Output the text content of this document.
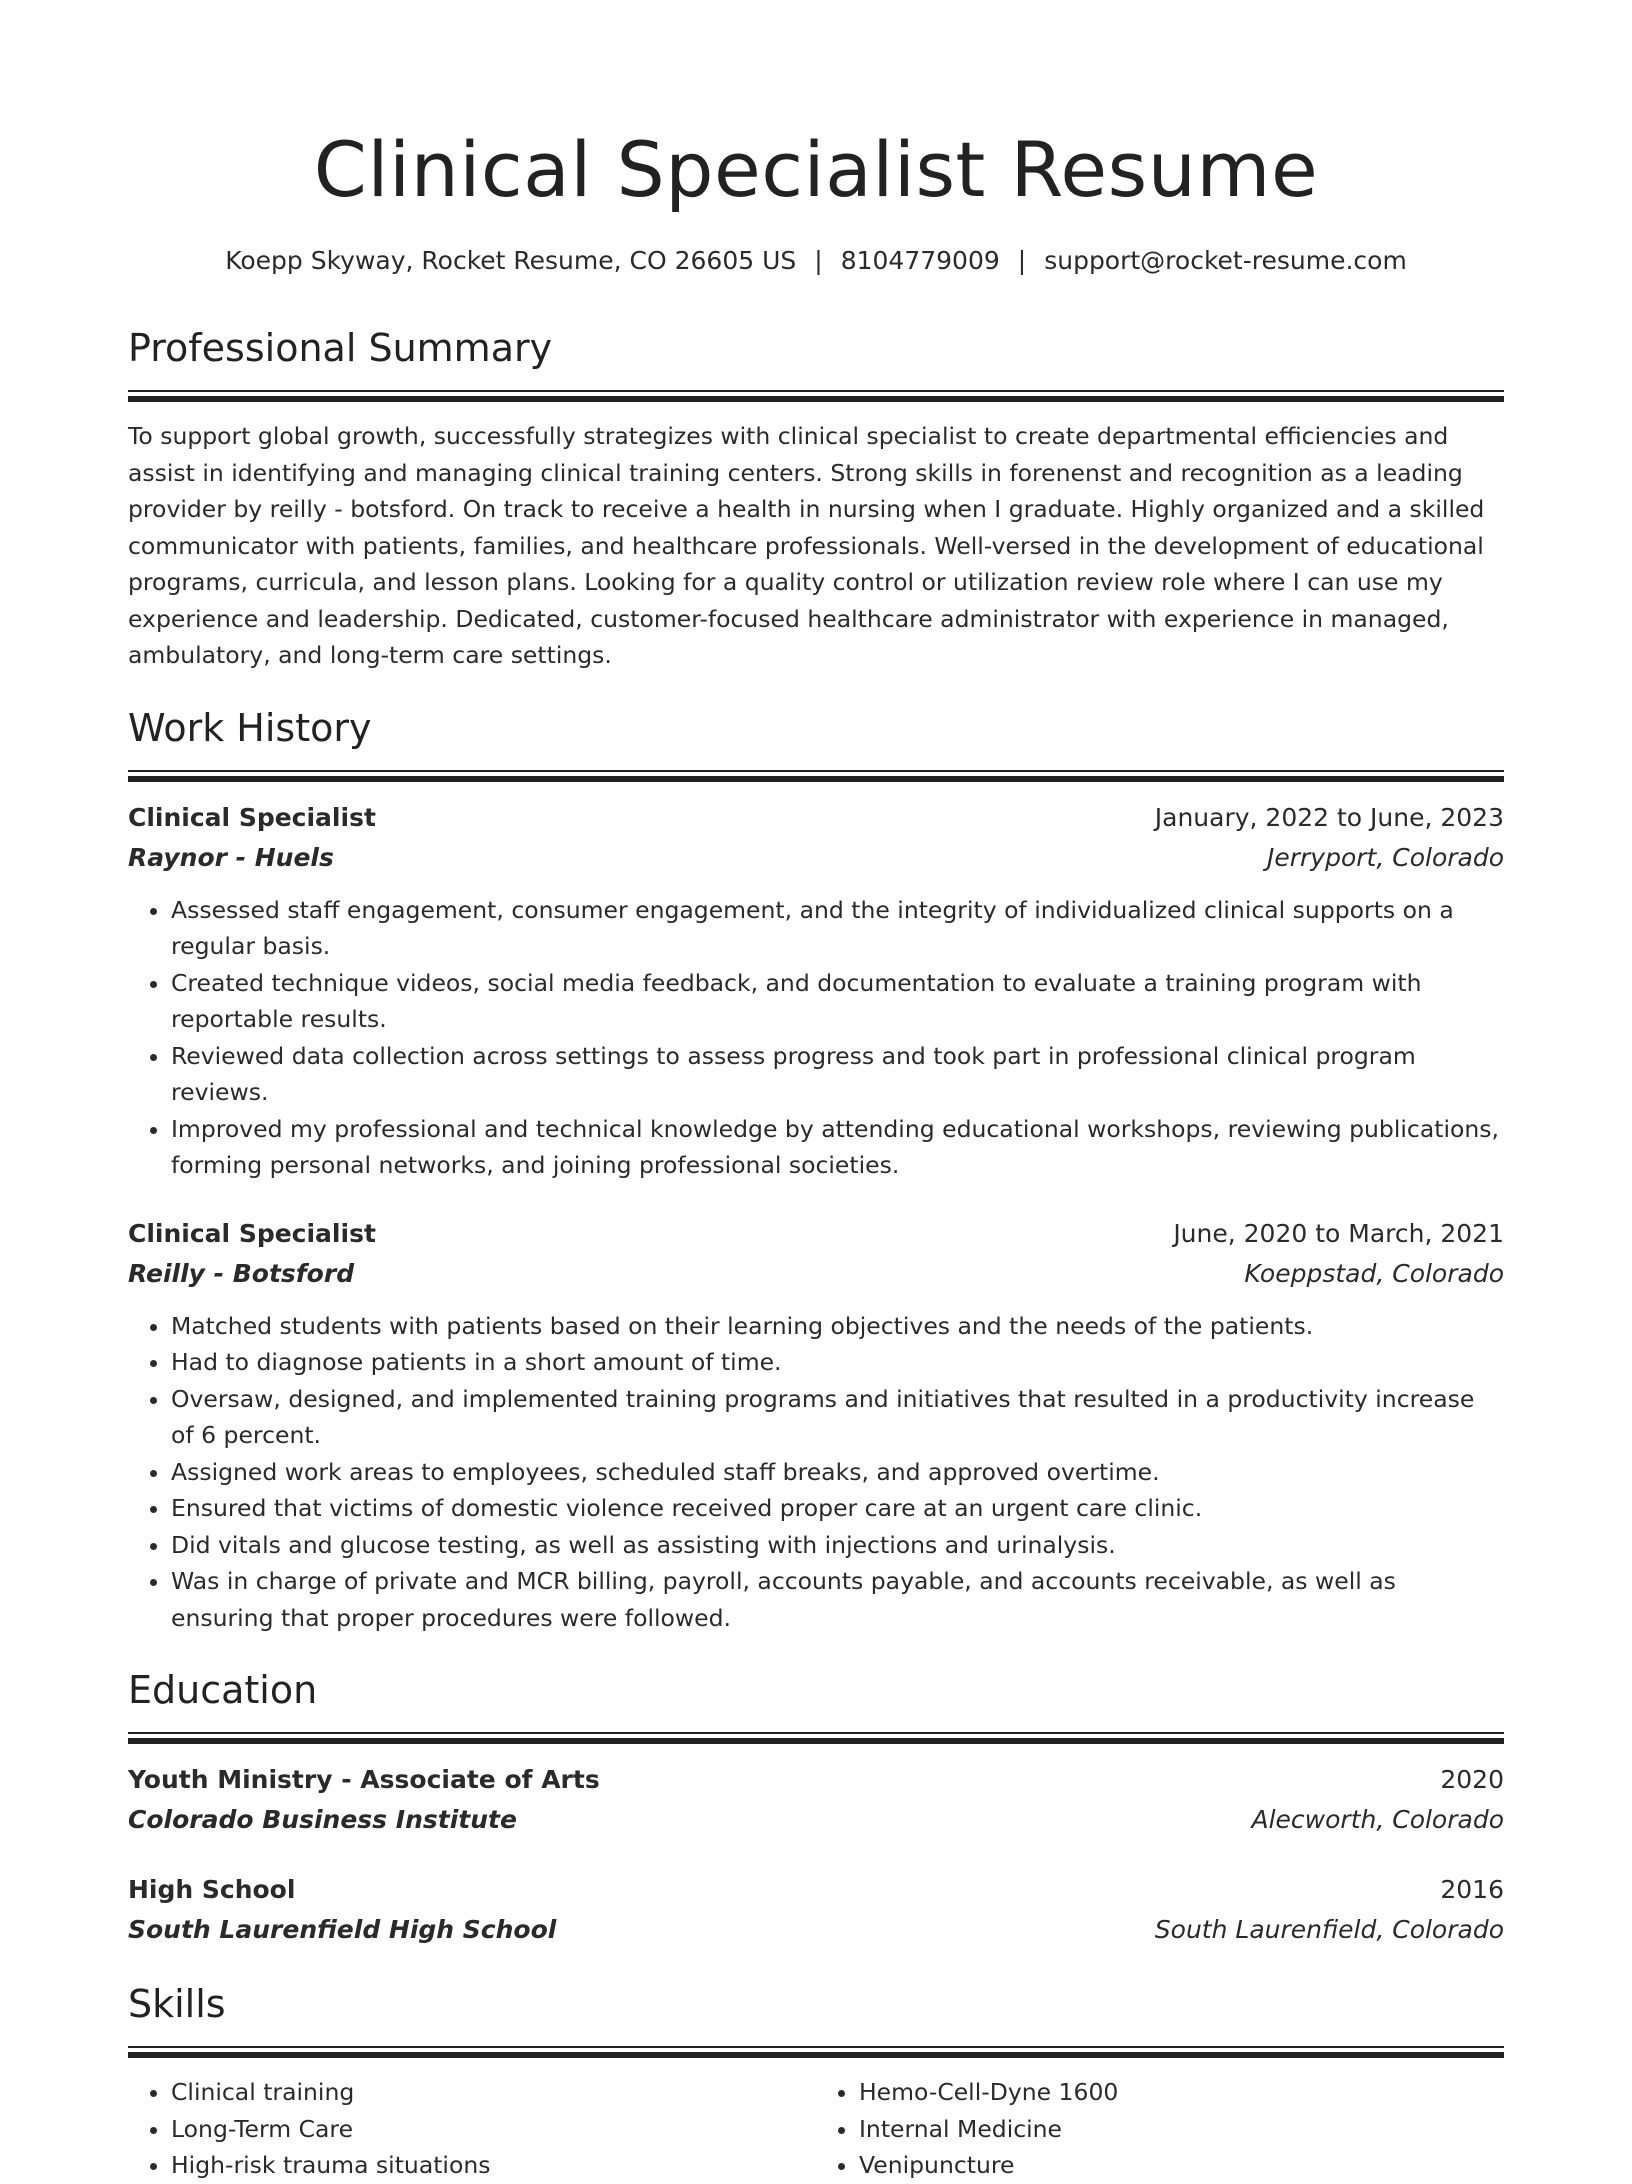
Clinical Specialist Resume
Koepp Skyway, Rocket Resume, CO 26605 US | 8104779009 | support@rocket-resume.com
Professional Summary

To support global growth, successfully strategizes with clinical specialist to create departmental efficiencies and assist in identifying and managing clinical training centers. Strong skills in forenenst and recognition as a leading provider by reilly - botsford. On track to receive a health in nursing when I graduate. Highly organized and a skilled communicator with patients, families, and healthcare professionals. Well-versed in the development of educational programs, curricula, and lesson plans. Looking for a quality control or utilization review role where I can use my experience and leadership. Dedicated, customer-focused healthcare administrator with experience in managed, ambulatory, and long-term care settings.

Work History
Clinical Specialist	January, 2022 to June, 2023
Raynor - Huels	Jerryport, Colorado
• Assessed staff engagement, consumer engagement, and the integrity of individualized clinical supports on a regular basis.
• Created technique videos, social media feedback, and documentation to evaluate a training program with reportable results.
• Reviewed data collection across settings to assess progress and took part in professional clinical program reviews.
• Improved my professional and technical knowledge by attending educational workshops, reviewing publications, forming personal networks, and joining professional societies.
Clinical Specialist	June, 2020 to March, 2021
Reilly - Botsford	Koeppstad, Colorado
• Matched students with patients based on their learning objectives and the needs of the patients.
• Had to diagnose patients in a short amount of time.
• Oversaw, designed, and implemented training programs and initiatives that resulted in a productivity increase of 6 percent.
• Assigned work areas to employees, scheduled staff breaks, and approved overtime.
• Ensured that victims of domestic violence received proper care at an urgent care clinic.
• Did vitals and glucose testing, as well as assisting with injections and urinalysis.
• Was in charge of private and MCR billing, payroll, accounts payable, and accounts receivable, as well as ensuring that proper procedures were followed.
Education
Youth Ministry - Associate of Arts	2020
Colorado Business Institute	Alecworth, Colorado
High School	2016
South Laurenfield High School	South Laurenfield, Colorado
Skills
• Clinical training
• Long-Term Care
• High-risk trauma situations
• Hemo-Cell-Dyne 1600
• Internal Medicine
• Venipuncture
